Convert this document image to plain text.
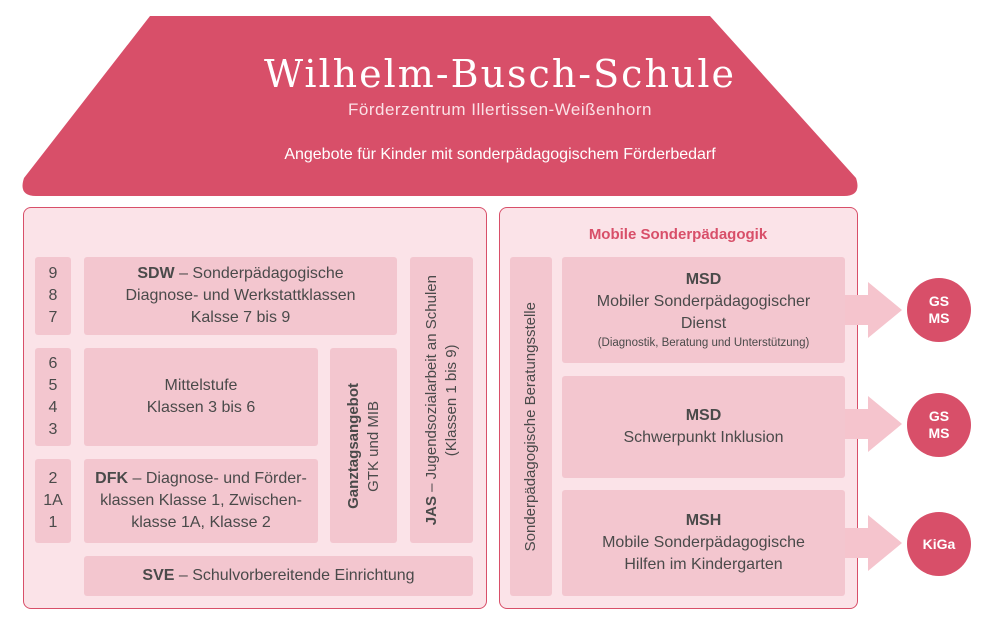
Wilhelm-Busch-Schule
Förderzentrum Illertissen-Weißenhorn
Angebote für Kinder mit sonderpädagogischem Förderbedarf
9
8
7
6
5
4
3
2
1A
1
SDW – Sonderpädagogische
Diagnose- und Werkstattklassen
Kalsse 7 bis 9
Mittelstufe
Klassen 3 bis 6
DFK – Diagnose- und Förder-
klassen Klasse 1, Zwischen-
klasse 1A, Klasse 2
Ganztagsangebot GTK und MIB
JAS – Jugendsozialarbeit an Schulen (Klassen 1 bis 9)
SVE – Schulvorbereitende Einrichtung
Mobile Sonderpädagogik
Sonderpädagogische Beratungsstelle
MSD
Mobiler Sonderpädagogischer
Dienst
(Diagnostik, Beratung und Unterstützung)
MSD
Schwerpunkt Inklusion
MSH
Mobile Sonderpädagogische
Hilfen im Kindergarten
GS
MS
GS
MS
KiGa
